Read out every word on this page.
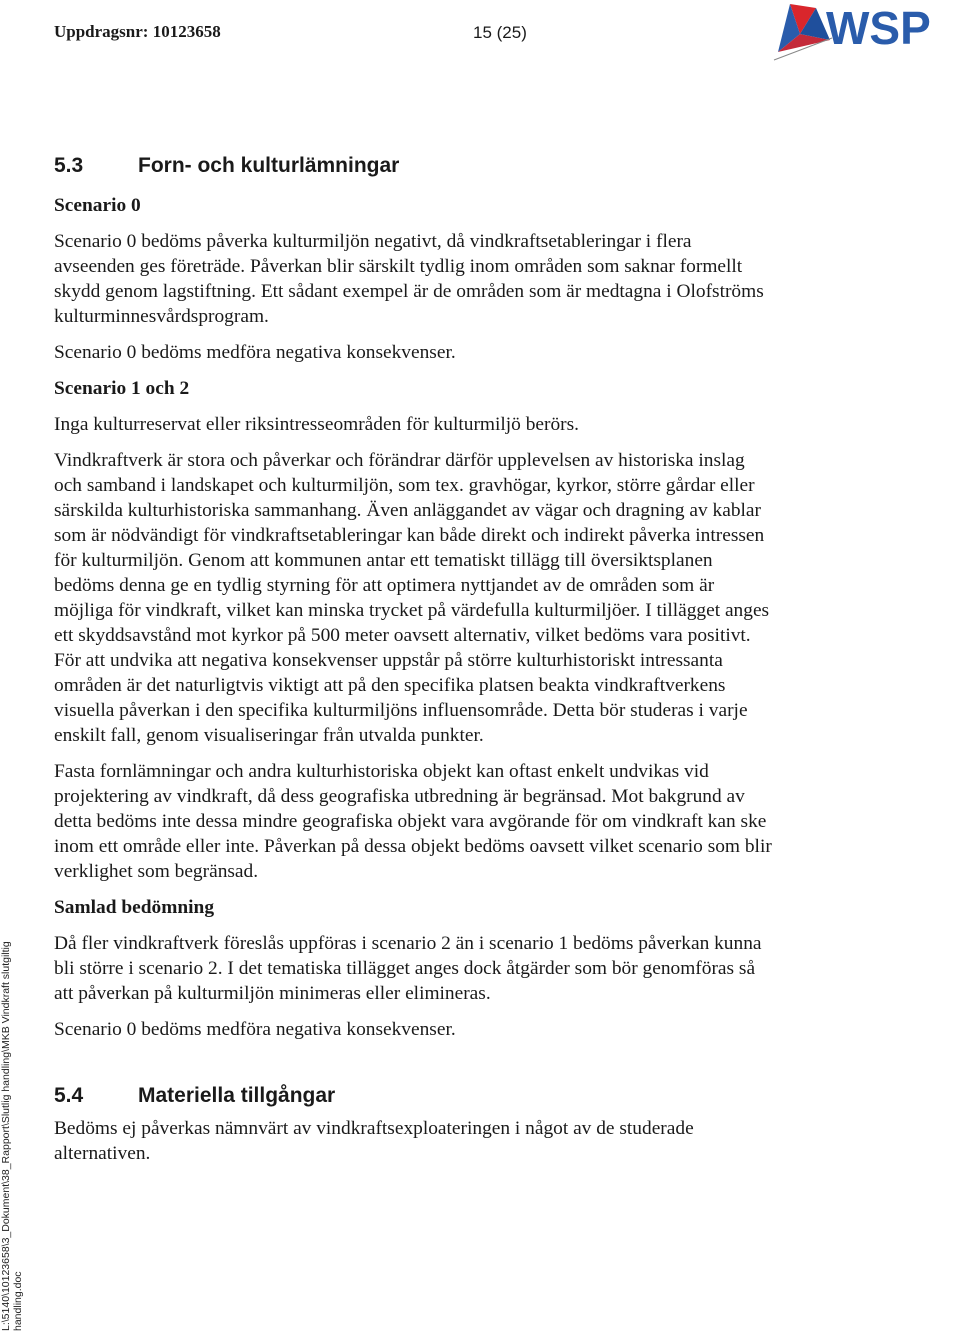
Uppdragsnr: 10123658	15 (25)	WSP
5.3	Forn- och kulturlämningar
Scenario 0

Scenario 0 bedöms påverka kulturmiljön negativt, då vindkraftsetableringar i flera avseenden ges företräde. Påverkan blir särskilt tydlig inom områden som saknar formellt skydd genom lagstiftning. Ett sådant exempel är de områden som är medtagna i Olofströms kulturminnesvårdsprogram.

Scenario 0 bedöms medföra negativa konsekvenser.

Scenario 1 och 2

Inga kulturreservat eller riksintresseområden för kulturmiljö berörs.

Vindkraftverk är stora och påverkar och förändrar därför upplevelsen av historiska inslag och samband i landskapet och kulturmiljön, som tex. gravhögar, kyrkor, större gårdar eller särskilda kulturhistoriska sammanhang. Även anläggandet av vägar och dragning av kablar som är nödvändigt för vindkraftsetableringar kan både direkt och indirekt påverka intressen för kulturmiljön. Genom att kommunen antar ett tematiskt tillägg till översiktsplanen bedöms denna ge en tydlig styrning för att optimera nyttjandet av de områden som är möjliga för vindkraft, vilket kan minska trycket på värdefulla kulturmiljöer. I tillägget anges ett skyddsavstånd mot kyrkor på 500 meter oavsett alternativ, vilket bedöms vara positivt. För att undvika att negativa konsekvenser uppstår på större kulturhistoriskt intressanta områden är det naturligtvis viktigt att på den specifika platsen beakta vindkraftverkens visuella påverkan i den specifika kulturmiljöns influensområde. Detta bör studeras i varje enskilt fall, genom visualiseringar från utvalda punkter.

Fasta fornlämningar och andra kulturhistoriska objekt kan oftast enkelt undvikas vid projektering av vindkraft, då dess geografiska utbredning är begränsad. Mot bakgrund av detta bedöms inte dessa mindre geografiska objekt vara avgörande för om vindkraft kan ske inom ett område eller inte. Påverkan på dessa objekt bedöms oavsett vilket scenario som blir verklighet som begränsad.

Samlad bedömning

Då fler vindkraftverk föreslås uppföras i scenario 2 än i scenario 1 bedöms påverkan kunna bli större i scenario 2. I det tematiska tillägget anges dock åtgärder som bör genomföras så att påverkan på kulturmiljön minimeras eller elimineras.

Scenario 0 bedöms medföra negativa konsekvenser.

5.4	Materiella tillgångar

Bedöms ej påverkas nämnvärt av vindkraftsexploateringen i något av de studerade alternativen.

L:\5140\10123658\3_Dokument\38_Rapport\Slutlig handling\MKB Vindkraft slutgiltig handling.doc
